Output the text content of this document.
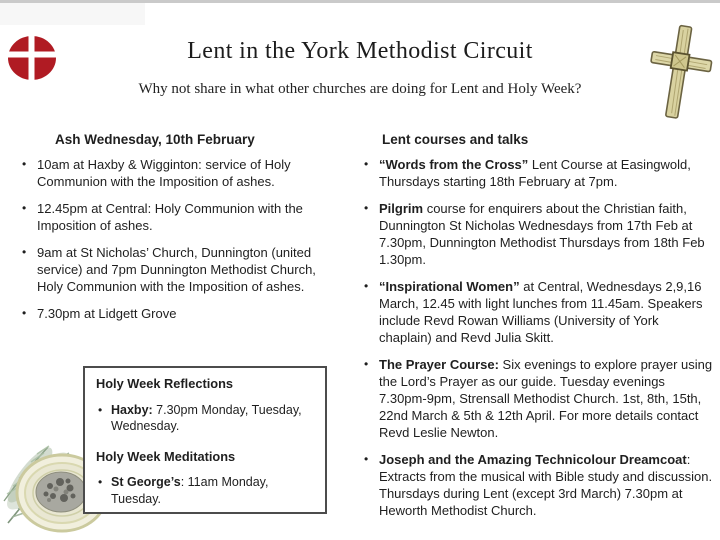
Lent in the York Methodist Circuit
Why not share in what other churches are doing for Lent and Holy Week?
Ash Wednesday, 10th February
• 10am at Haxby & Wigginton: service of Holy Communion with the Imposition of ashes.
• 12.45pm at Central: Holy Communion with the Imposition of ashes.
• 9am at St Nicholas’ Church, Dunnington (united service) and 7pm Dunnington Methodist Church, Holy Communion with the Imposition of ashes.
• 7.30pm at Lidgett Grove
Lent courses and talks
• “Words from the Cross” Lent Course at Easingwold, Thursdays starting 18th February at 7pm.
• Pilgrim course for enquirers about the Christian faith, Dunnington St Nicholas Wednesdays from 17th Feb at 7.30pm, Dunnington Methodist Thursdays from 18th Feb 1.30pm.
• “Inspirational Women” at Central, Wednesdays 2,9,16 March, 12.45 with light lunches from 11.45am. Speakers include Revd Rowan Williams (University of York chaplain) and Revd Julia Skitt.
• The Prayer Course: Six evenings to explore prayer using the Lord’s Prayer as our guide. Tuesday evenings 7.30pm-9pm, Strensall Methodist Church. 1st, 8th, 15th, 22nd March & 5th & 12th April. For more details contact Revd Leslie Newton.
• Joseph and the Amazing Technicolour Dreamcoat: Extracts from the musical with Bible study and discussion. Thursdays during Lent (except 3rd March) 7.30pm at Heworth Methodist Church.
Holy Week Reflections
• Haxby: 7.30pm Monday, Tuesday, Wednesday.
Holy Week Meditations
• St George’s: 11am Monday, Tuesday.
